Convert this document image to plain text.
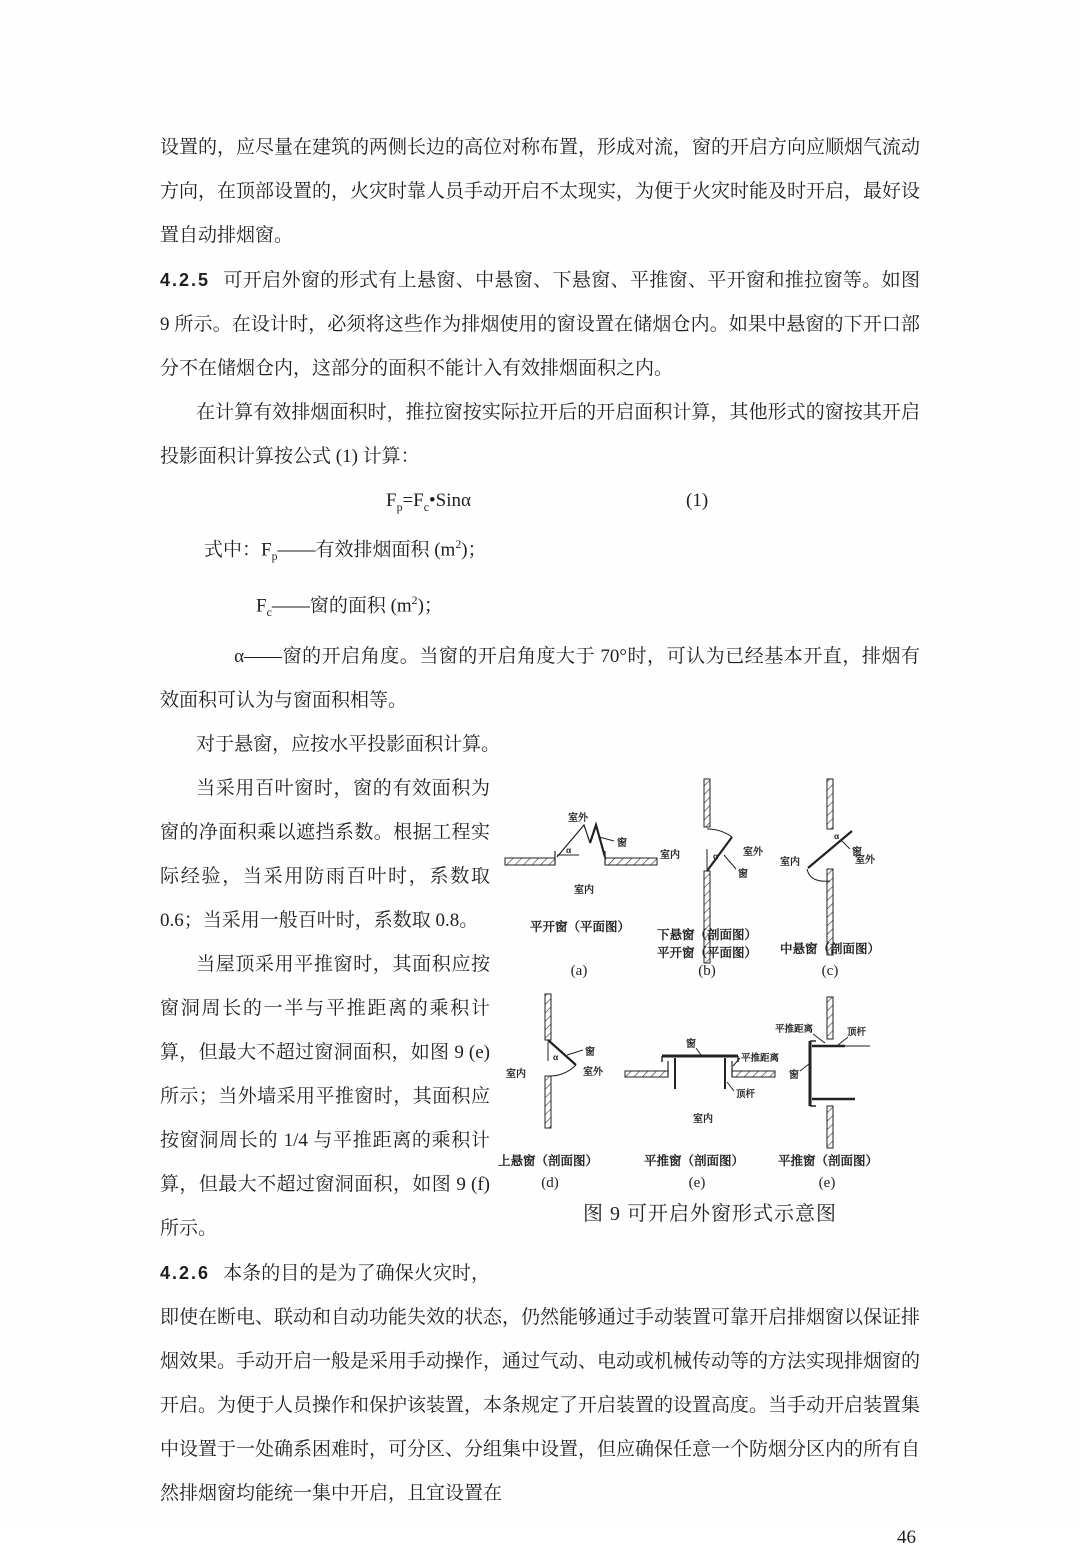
设置的，应尽量在建筑的两侧长边的高位对称布置，形成对流，窗的开启方向应顺烟气流动方向，在顶部设置的，火灾时靠人员手动开启不太现实，为便于火灾时能及时开启，最好设置自动排烟窗。

4.2.5 可开启外窗的形式有上悬窗、中悬窗、下悬窗、平推窗、平开窗和推拉窗等。如图 9 所示。在设计时，必须将这些作为排烟使用的窗设置在储烟仓内。如果中悬窗的下开口部分不在储烟仓内，这部分的面积不能计入有效排烟面积之内。

在计算有效排烟面积时，推拉窗按实际拉开后的开启面积计算，其他形式的窗按其开启投影面积计算按公式 (1) 计算：

$F_p=F_c•Sin\alpha$	(1)

式中：$F_p——$有效排烟面积 $(m^2)$；

$F_c——$窗的面积 $(m^2)$；

α——窗的开启角度。当窗的开启角度大于 70°时，可认为已经基本开直，排烟有效面积可认为与窗面积相等。

对于悬窗，应按水平投影面积计算。

α
室外
室内
窗
平开窗（平面图）
(a)
α
室内	室外
窗
下悬窗（剖面图）
平开窗（平面图）
(b)
α
室内	室外
窗
中悬窗（剖面图）
(c)
α
室内	室外
窗
上悬窗（剖面图）
(d)
窗
平推距离
顶杆
室内
平推窗（剖面图）
(e)
平推距离	顶杆
窗
平推窗（剖面图）
(e)
图 9 可开启外窗形式示意图

当采用百叶窗时，窗的有效面积为窗的净面积乘以遮挡系数。根据工程实际经验，当采用防雨百叶时，系数取 0.6；当采用一般百叶时，系数取 0.8。

当屋顶采用平推窗时，其面积应按窗洞周长的一半与平推距离的乘积计算，但最大不超过窗洞面积，如图 9 (e) 所示；当外墙采用平推窗时，其面积应按窗洞周长的 1/4 与平推距离的乘积计算，但最大不超过窗洞面积，如图 9 (f) 所示。

4.2.6 本条的目的是为了确保火灾时，即使在断电、联动和自动功能失效的状态，仍然能够通过手动装置可靠开启排烟窗以保证排烟效果。手动开启一般是采用手动操作，通过气动、电动或机械传动等的方法实现排烟窗的开启。为便于人员操作和保护该装置，本条规定了开启装置的设置高度。当手动开启装置集中设置于一处确系困难时，可分区、分组集中设置，但应确保任意一个防烟分区内的所有自然排烟窗均能统一集中开启，且宜设置在

46
